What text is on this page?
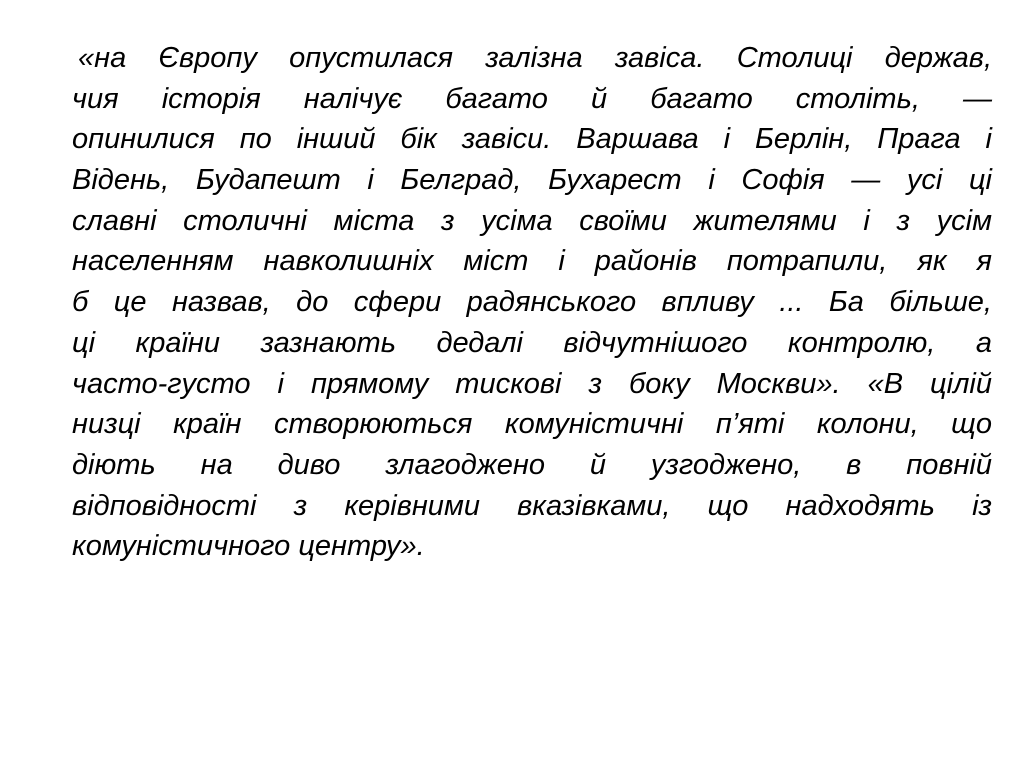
«на Європу опустилася залізна завіса. Столиці держав,
чия історія налічує багато й багато століть, —
опинилися по інший бік завіси. Варшава і Берлін, Прага і
Відень, Будапешт і Белград, Бухарест і Софія — усі ці
славні столичні міста з усіма своїми жителями і з усім
населенням навколишніх міст і районів потрапили, як я
б це назвав, до сфери радянського впливу ... Ба більше,
ці країни зазнають дедалі відчутнішого контролю, а
часто-густо і прямому тискові з боку Москви». «В цілій
низці країн створюються комуністичні п’яті колони, що
діють на диво злагоджено й узгоджено, в повній
відповідності з керівними вказівками, що надходять із
комуністичного центру».
